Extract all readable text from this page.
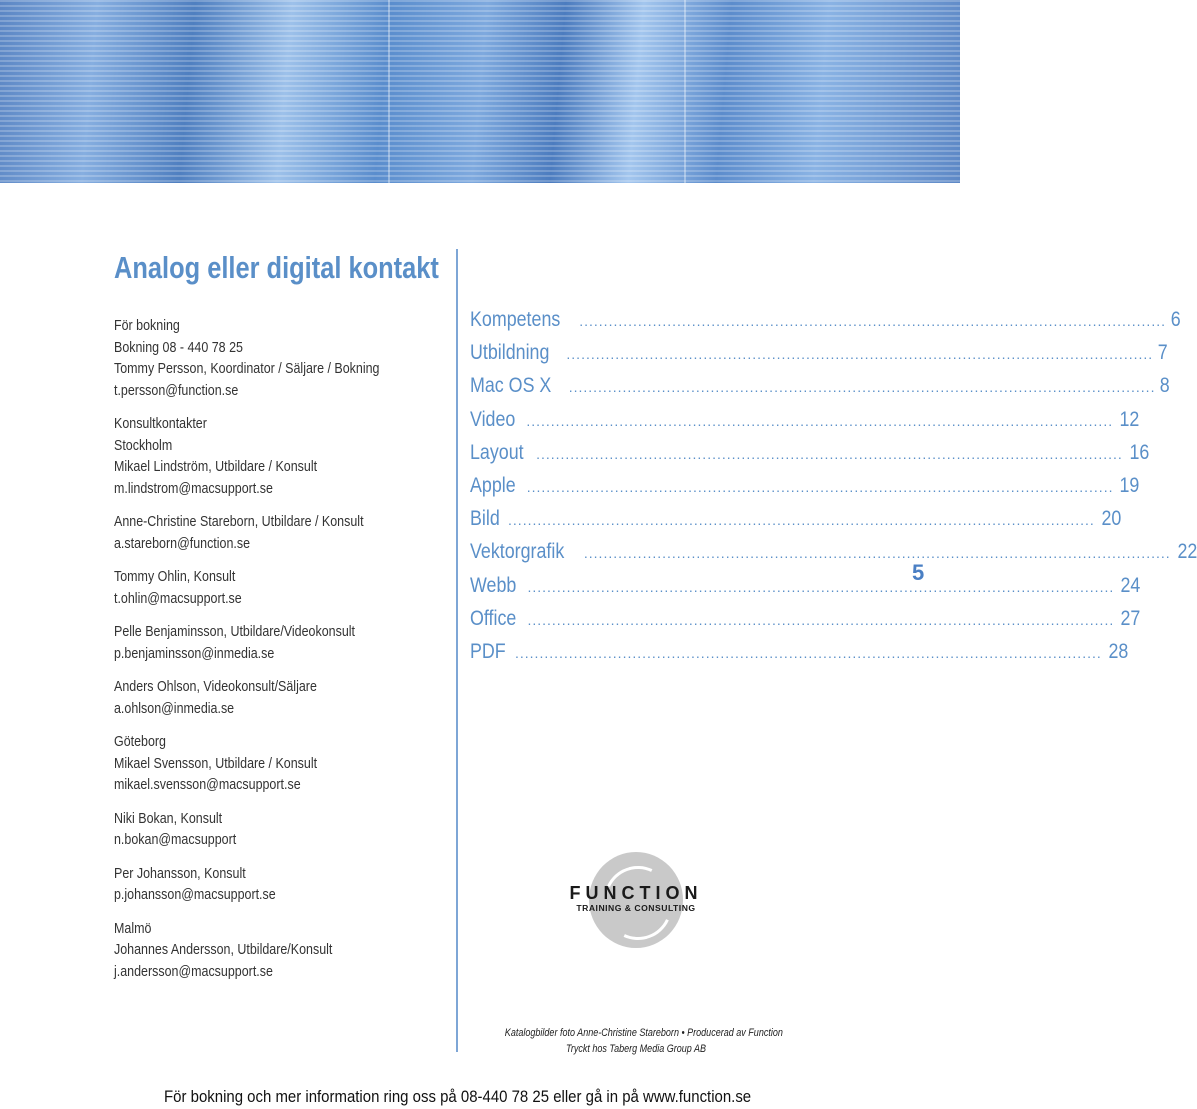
Analog eller digital kontakt
För bokning
Bokning 08 - 440 78 25
Tommy Persson, Koordinator / Säljare / Bokning
t.persson@function.se
Konsultkontakter
Stockholm
Mikael Lindström, Utbildare / Konsult
m.lindstrom@macsupport.se
Anne-Christine Stareborn, Utbildare / Konsult
a.stareborn@function.se
Tommy Ohlin, Konsult
t.ohlin@macsupport.se
Pelle Benjaminsson, Utbildare/Videokonsult
p.benjaminsson@inmedia.se
Anders Ohlson, Videokonsult/Säljare
a.ohlson@inmedia.se
Göteborg
Mikael Svensson, Utbildare / Konsult
mikael.svensson@macsupport.se
Niki Bokan, Konsult
n.bokan@macsupport
Per Johansson, Konsult
p.johansson@macsupport.se
Malmö
Johannes Andersson, Utbildare/Konsult
j.andersson@macsupport.se
Kompetens ........................................................................................................................ 6
Utbildning ........................................................................................................................ 7
Mac OS X ........................................................................................................................ 8
Video ........................................................................................................................ 12
Layout ........................................................................................................................ 16
Apple ........................................................................................................................ 19
Bild ........................................................................................................................ 20
Vektorgrafik ........................................................................................................................ 22
Webb ........................................................................................................................ 24
Office ........................................................................................................................ 27
PDF ........................................................................................................................ 28
5
FUNCTION
TRAINING & CONSULTING
Katalogbilder foto Anne-Christine Stareborn • Producerad av Function
Tryckt hos Taberg Media Group AB
För bokning och mer information ring oss på 08-440 78 25 eller gå in på www.function.se
